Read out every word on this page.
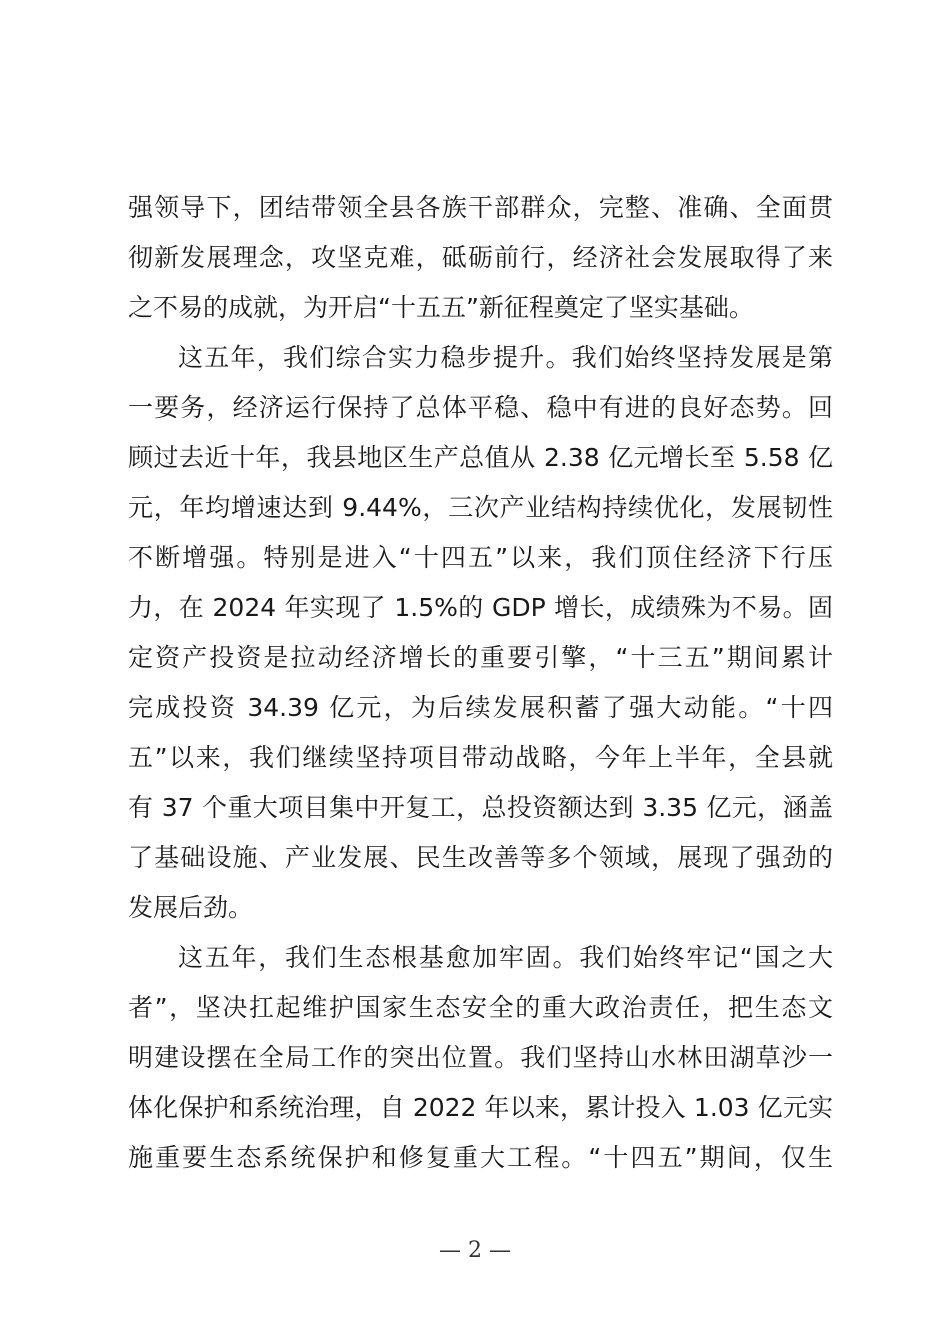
强领导下，团结带领全县各族干部群众，完整、准确、全面贯

彻新发展理念，攻坚克难，砥砺前行，经济社会发展取得了来

之不易的成就，为开启“十五五”新征程奠定了坚实基础。

这五年，我们综合实力稳步提升。我们始终坚持发展是第

一要务，经济运行保持了总体平稳、稳中有进的良好态势。回

顾过去近十年，我县地区生产总值从 2.38 亿元增长至 5.58 亿

元，年均增速达到 9.44%，三次产业结构持续优化，发展韧性

不断增强。特别是进入“十四五”以来，我们顶住经济下行压

力，在 2024 年实现了 1.5%的 GDP 增长，成绩殊为不易。固

定资产投资是拉动经济增长的重要引擎，“十三五”期间累计

完成投资 34.39 亿元，为后续发展积蓄了强大动能。“十四

五”以来，我们继续坚持项目带动战略，今年上半年，全县就

有 37 个重大项目集中开复工，总投资额达到 3.35 亿元，涵盖

了基础设施、产业发展、民生改善等多个领域，展现了强劲的

发展后劲。

这五年，我们生态根基愈加牢固。我们始终牢记“国之大

者”，坚决扛起维护国家生态安全的重大政治责任，把生态文

明建设摆在全局工作的突出位置。我们坚持山水林田湖草沙一

体化保护和系统治理，自 2022 年以来，累计投入 1.03 亿元实

施重要生态系统保护和修复重大工程。“十四五”期间，仅生

— 2 —
